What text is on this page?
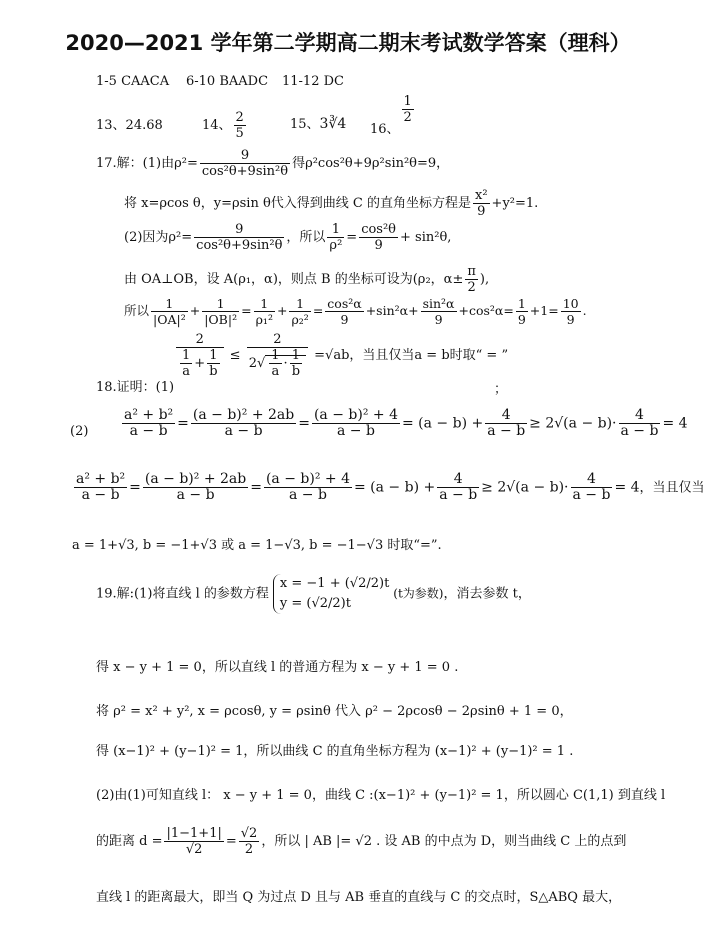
2020—2021 学年第二学期高二期末考试数学答案（理科）
1-5 CAACA 6-10 BAADC 11-12 DC
13、24.68	14、 $\frac{2}{5}$	15、3∛4 16、
$\frac{1}{2}$
17.解：(1)由$\rho^2= \frac{9}{\text{cos²θ+9sin²θ}}$ 得ρ²cos²θ+9ρ²sin²θ=9，
将 x=ρcos θ，y=ρsin θ代入得到曲线 C 的直角坐标方程是 $\frac{\text{x²}}{9} +y^2=1$.
(2)因为$\rho^2= \frac{9}{\text{cos²θ+9sin²θ}}$ ，所以 $\frac{1}{\text{ρ²}} = \frac{\text{cos²θ}}{9} + \sin^2\theta$,
由 OA⊥OB，设 A(ρ₁，α)，则点 B 的坐标可设为(ρ₂，$\alpha\pm \frac{\pi}{2}$ ),
所以 $\frac{1}{\text{|OA|²}} + \frac{1}{\text{|OB|²}} = \frac{1}{\text{ρ₁²}} + \frac{1}{\text{ρ₂²}} = \frac{\text{cos²α}}{9} +\sin^2\alpha+ \frac{\text{sin²α}}{9} +\cos^2\alpha= \frac{1}{9} +1= \frac{10}{9}$ .
$\frac{2}{\frac{1}{a} + \frac{1}{b}} \le \frac{2}{2√ \frac{1}{a} \cdot \frac{1}{b}} =√ab$，当且仅当a = b时取“ = ”
18.证明：(1)	；
$(2) \frac{\text{a² + b²}}{a - b} = \frac{\text{(a − b)² + 2ab}}{a - b} = \frac{\text{(a − b)² + 4}}{a - b} = (a - b) + \frac{4}{a - b} \ge 2√(a - b)\cdot \frac{4}{a - b} = 4$
$\frac{\text{a² + b²}}{a - b} = \frac{\text{(a − b)² + 2ab}}{a - b} = \frac{\text{(a − b)² + 4}}{a - b} = (a - b) + \frac{4}{a - b} \ge 2√(a - b)\cdot \frac{4}{a - b} = 4$，当且仅当
a = 1+√3, b = −1+√3 或 a = 1−√3, b = −1−√3 时取“=”.
19.解:(1)将直线 l 的参数方程
x = −1 + (√2/2)t
y = (√2/2)t
(t为参数)，消去参数 t，
得 x − y + 1 = 0，所以直线 l 的普通方程为 x − y + 1 = 0 .
将 ρ² = x² + y², x = ρcosθ, y = ρsinθ 代入 ρ² − 2ρcosθ − 2ρsinθ + 1 = 0，
得 (x−1)² + (y−1)² = 1，所以曲线 C 的直角坐标方程为 (x−1)² + (y−1)² = 1 .
(2)由(1)可知直线 l： x − y + 1 = 0，曲线 C :(x−1)² + (y−1)² = 1，所以圆心 C(1,1) 到直线 l
的距离 $d = \frac{|1-1+1|}{√2} = \frac{√2}{2}$ ，所以 | AB |= √2 . 设 AB 的中点为 D，则当曲线 C 上的点到
直线 l 的距离最大，即当 Q 为过点 D 且与 AB 垂直的直线与 C 的交点时，S△ABQ 最大，
